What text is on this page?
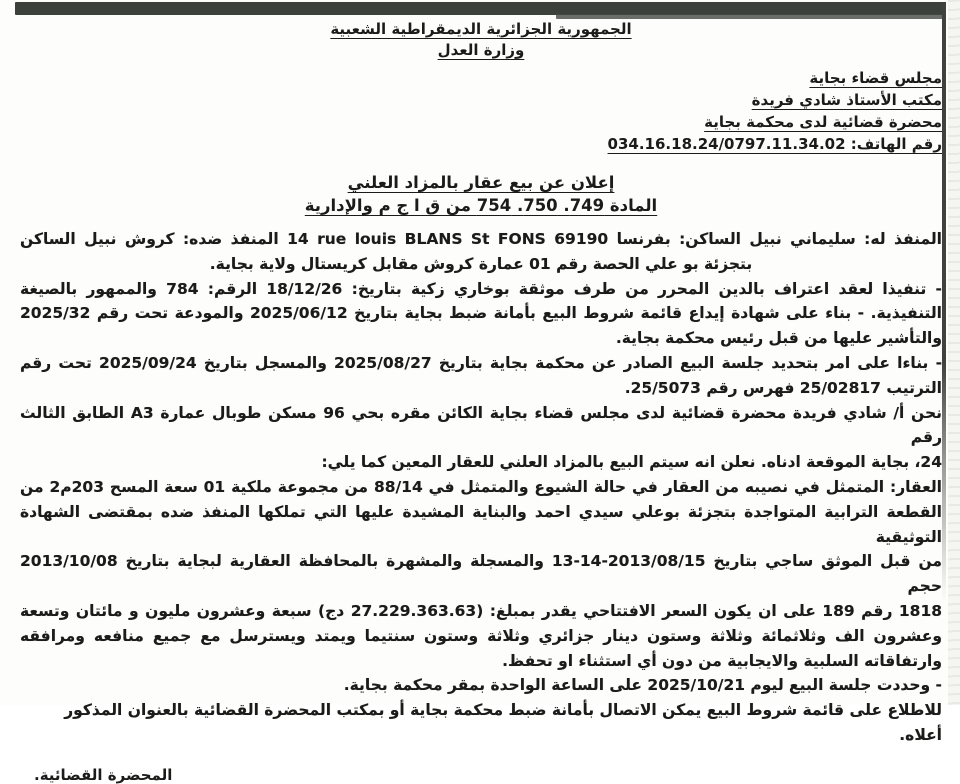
الجمهورية الجزائرية الديمقراطية الشعبية
وزارة العدل
مجلس قضاء بجاية
مكتب الأستاذ شادي فريدة
محضرة قضائية لدى محكمة بجاية
رقم الهاتف: 034.16.18.24/0797.11.34.02
إعلان عن بيع عقار بالمزاد العلني
المادة 749. 750. 754 من ق ا ج م والإدارية
المنفذ له: سليماني نبيل الساكن: بفرنسا ‪14 rue louis BLANS St FONS 69190‬ المنفذ ضده: كروش نبيل الساكن
بتجزئة بو علي الحصة رقم 01 عمارة كروش مقابل كريستال ولاية بجاية.
- تنفيذا لعقد اعتراف بالدين المحرر من طرف موثقة بوخاري زكية بتاريخ: 18/12/26 الرقم: 784 والممهور بالصيغة
التنفيذية. - بناء على شهادة إيداع قائمة شروط البيع بأمانة ضبط بجاية بتاريخ 2025/06/12 والمودعة تحت رقم 2025/32
والتأشير عليها من قبل رئيس محكمة بجاية.
- بناءا على امر بتحديد جلسة البيع الصادر عن محكمة بجاية بتاريخ 2025/08/27 والمسجل بتاريخ 2025/09/24 تحت رقم
الترتيب 25/02817 فهرس رقم 25/5073.
نحن أ/ شادي فريدة محضرة قضائية لدى مجلس قضاء بجاية الكائن مقره بحي 96 مسكن طوبال عمارة A3 الطابق الثالث رقم
24، بجاية الموقعة ادناه. نعلن انه سيتم البيع بالمزاد العلني للعقار المعين كما يلي:
العقار: المتمثل في نصيبه من العقار في حالة الشيوع والمتمثل في 88/14 من مجموعة ملكية 01 سعة المسح 203م2 من
القطعة الترابية المتواجدة بتجزئة بوعلي سيدي احمد والبناية المشيدة عليها التي تملكها المنفذ ضده بمقتضى الشهادة التوثيقية
من قبل الموثق ساجي بتاريخ 2013/08/15-14-13 والمسجلة والمشهرة بالمحافظة العقارية لبجاية بتاريخ 2013/10/08 حجم
1818 رقم 189 على ان يكون السعر الافتتاحي يقدر بمبلغ: (27.229.363.63 دج) سبعة وعشرون مليون و مائتان وتسعة
وعشرون الف وثلاثمائة وثلاثة وستون دينار جزائري وثلاثة وستون سنتيما ويمتد ويسترسل مع جميع منافعه ومرافقه
وارتفاقاته السلبية والايجابية من دون أي استثناء او تحفظ.
- وحددت جلسة البيع ليوم 2025/10/21 على الساعة الواحدة بمقر محكمة بجاية.
للاطلاع على قائمة شروط البيع يمكن الاتصال بأمانة ضبط محكمة بجاية أو بمكتب المحضرة القضائية بالعنوان المذكور أعلاه.
المحضرة القضائية.
